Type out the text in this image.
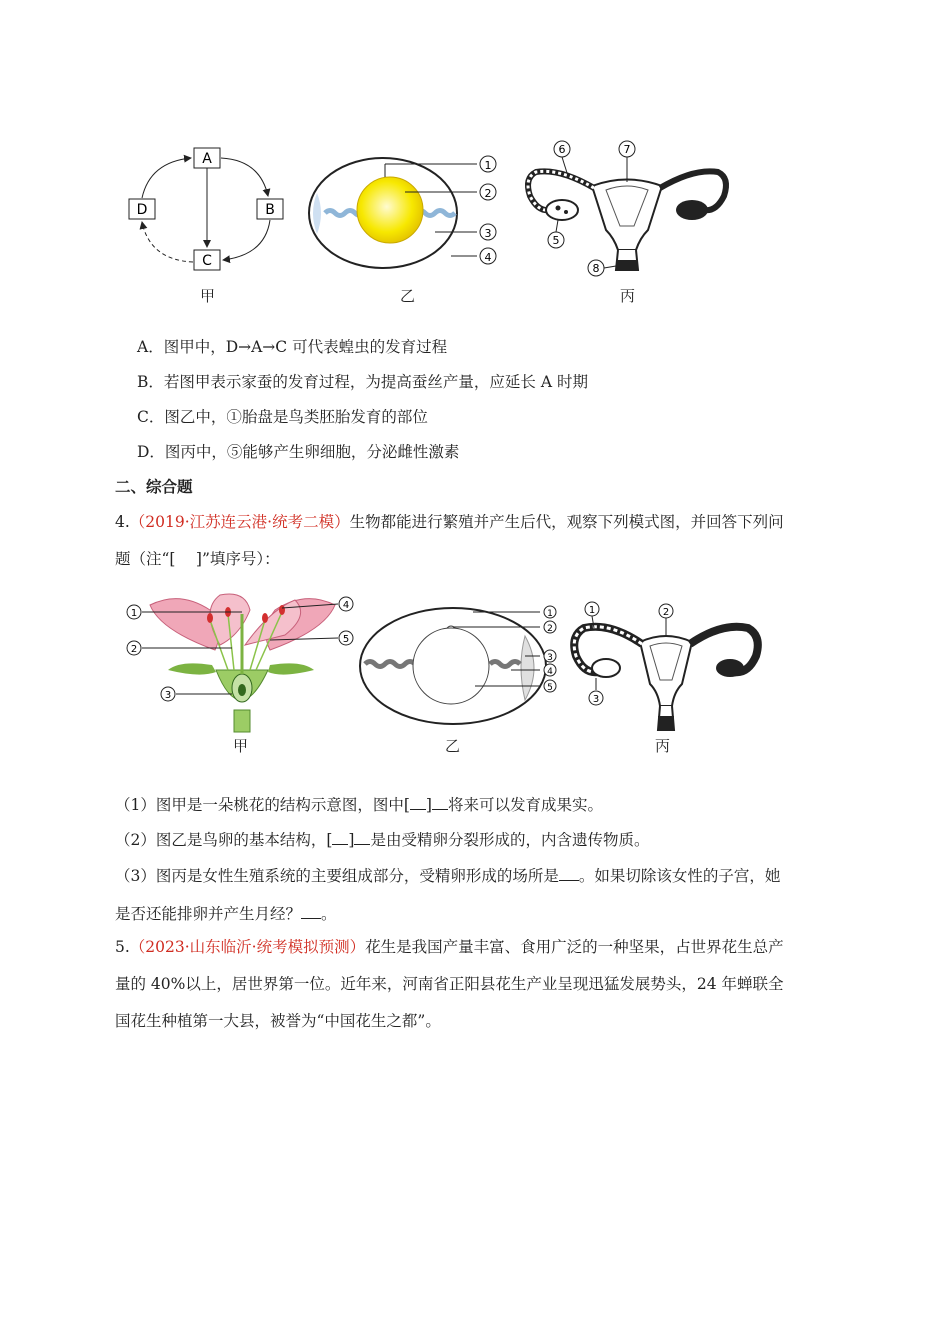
A
B
C
D
甲
1
2
3
4
乙
6	7
5
8
丙
A．图甲中，D→A→C 可代表蝗虫的发育过程
B．若图甲表示家蚕的发育过程，为提高蚕丝产量，应延长 A 时期
C．图乙中，①胎盘是鸟类胚胎发育的部位
D．图丙中，⑤能够产生卵细胞，分泌雌性激素
二、综合题
4.（2019·江苏连云港·统考二模）生物都能进行繁殖并产生后代，观察下列模式图，并回答下列问
题（注“[　 ]”填序号）：
1
2
3
4
5
甲
1
2
3
4
5
乙
1	2
3
丙
（1）图甲是一朵桃花的结构示意图，图中[ ] 将来可以发育成果实。
（2）图乙是鸟卵的基本结构，[ ] 是由受精卵分裂形成的，内含遗传物质。
（3）图丙是女性生殖系统的主要组成部分，受精卵形成的场所是 。如果切除该女性的子宫，她
是否还能排卵并产生月经？ 。
5.（2023·山东临沂·统考模拟预测）花生是我国产量丰富、食用广泛的一种坚果，占世界花生总产
量的 40%以上，居世界第一位。近年来，河南省正阳县花生产业呈现迅猛发展势头，24 年蝉联全
国花生种植第一大县，被誉为“中国花生之都”。
